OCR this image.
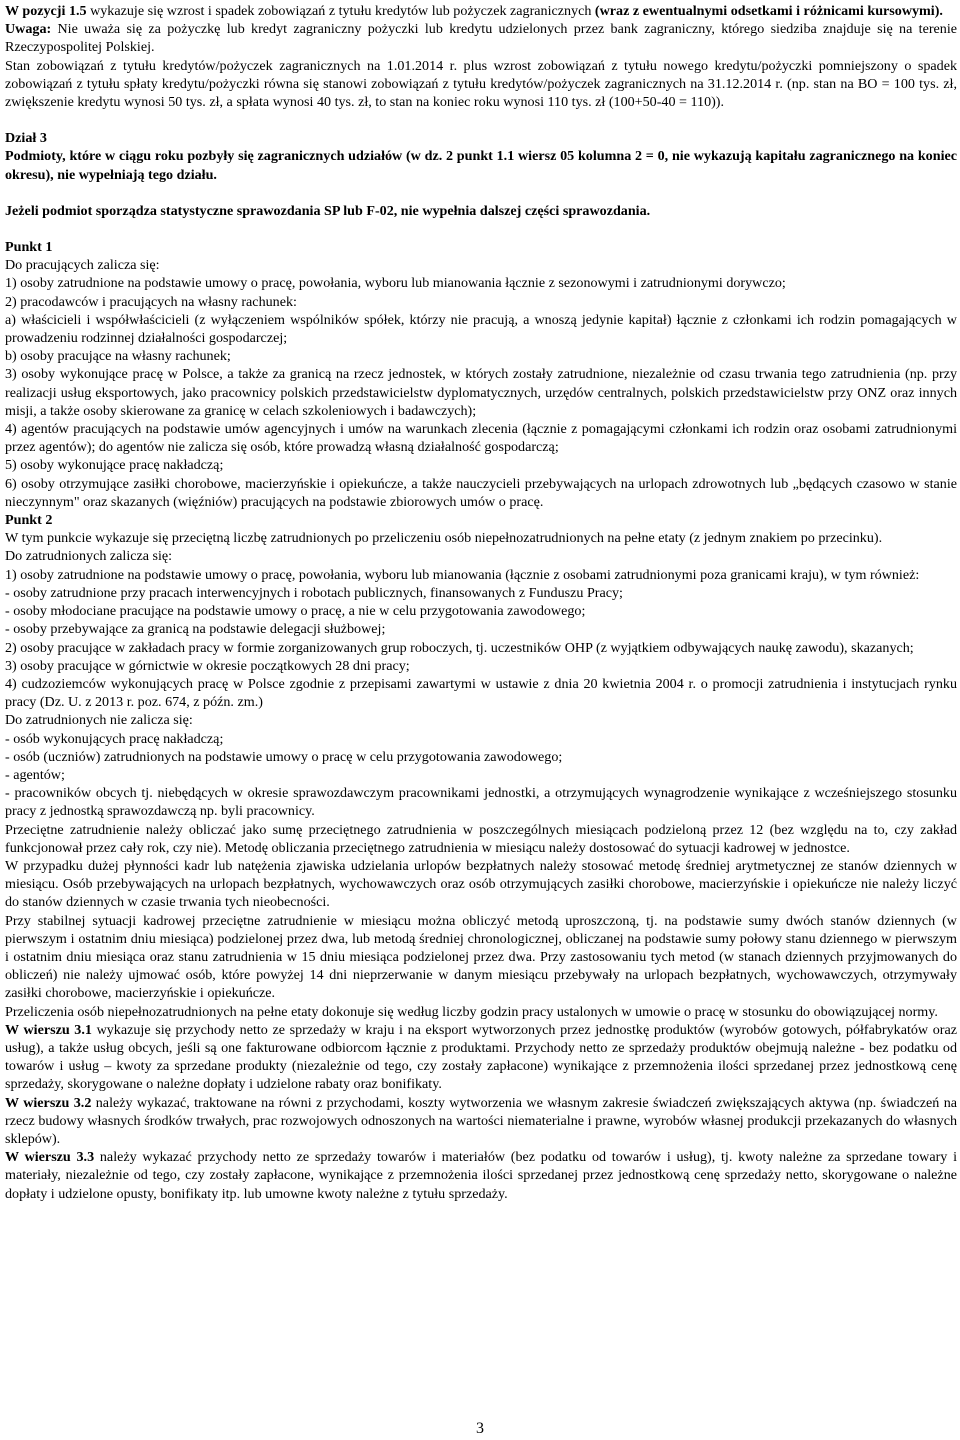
W pozycji 1.5 wykazuje się wzrost i spadek zobowiązań z tytułu kredytów lub pożyczek zagranicznych (wraz z ewentualnymi odsetkami i różnicami kursowymi).

Uwaga: Nie uważa się za pożyczkę lub kredyt zagraniczny pożyczki lub kredytu udzielonych przez bank zagraniczny, którego siedziba znajduje się na terenie Rzeczypospolitej Polskiej.

Stan zobowiązań z tytułu kredytów/pożyczek zagranicznych na 1.01.2014 r. plus wzrost zobowiązań z tytułu nowego kredytu/pożyczki pomniejszony o spadek zobowiązań z tytułu spłaty kredytu/pożyczki równa się stanowi zobowiązań z tytułu kredytów/pożyczek zagranicznych na 31.12.2014 r. (np. stan na BO = 100 tys. zł, zwiększenie kredytu wynosi 50 tys. zł, a spłata wynosi 40 tys. zł, to stan na koniec roku wynosi 110 tys. zł (100+50-40 = 110)).

Dział 3

Podmioty, które w ciągu roku pozbyły się zagranicznych udziałów (w dz. 2 punkt 1.1 wiersz 05 kolumna 2 = 0, nie wykazują kapitału zagranicznego na koniec okresu), nie wypełniają tego działu.

Jeżeli podmiot sporządza statystyczne sprawozdania SP lub F-02, nie wypełnia dalszej części sprawozdania.

Punkt 1

Do pracujących zalicza się:

1) osoby zatrudnione na podstawie umowy o pracę, powołania, wyboru lub mianowania łącznie z sezonowymi i zatrudnionymi dorywczo;

2) pracodawców i pracujących na własny rachunek:

a) właścicieli i współwłaścicieli (z wyłączeniem wspólników spółek, którzy nie pracują, a wnoszą jedynie kapitał) łącznie z członkami ich rodzin pomagających w prowadzeniu rodzinnej działalności gospodarczej;

b) osoby pracujące na własny rachunek;

3) osoby wykonujące pracę w Polsce, a także za granicą na rzecz jednostek, w których zostały zatrudnione, niezależnie od czasu trwania tego zatrudnienia (np. przy realizacji usług eksportowych, jako pracownicy polskich przedstawicielstw dyplomatycznych, urzędów centralnych, polskich przedstawicielstw przy ONZ oraz innych misji, a także osoby skierowane za granicę w celach szkoleniowych i badawczych);

4) agentów pracujących na podstawie umów agencyjnych i umów na warunkach zlecenia (łącznie z pomagającymi członkami ich rodzin oraz osobami zatrudnionymi przez agentów); do agentów nie zalicza się osób, które prowadzą własną działalność gospodarczą;

5) osoby wykonujące pracę nakładczą;

6) osoby otrzymujące zasiłki chorobowe, macierzyńskie i opiekuńcze, a także nauczycieli przebywających na urlopach zdrowotnych lub „będących czasowo w stanie nieczynnym" oraz skazanych (więźniów) pracujących na podstawie zbiorowych umów o pracę.

Punkt 2

W tym punkcie wykazuje się przeciętną liczbę zatrudnionych po przeliczeniu osób niepełnozatrudnionych na pełne etaty (z jednym znakiem po przecinku).

Do zatrudnionych zalicza się:

1) osoby zatrudnione na podstawie umowy o pracę, powołania, wyboru lub mianowania (łącznie z osobami zatrudnionymi poza granicami kraju), w tym również:

- osoby zatrudnione przy pracach interwencyjnych i robotach publicznych, finansowanych z Funduszu Pracy;

- osoby młodociane pracujące na podstawie umowy o pracę, a nie w celu przygotowania zawodowego;

- osoby przebywające za granicą na podstawie delegacji służbowej;

2) osoby pracujące w zakładach pracy w formie zorganizowanych grup roboczych, tj. uczestników OHP (z wyjątkiem odbywających naukę zawodu), skazanych;

3) osoby pracujące w górnictwie w okresie początkowych 28 dni pracy;

4) cudzoziemców wykonujących pracę w Polsce zgodnie z przepisami zawartymi w ustawie z dnia 20 kwietnia 2004 r. o promocji zatrudnienia i instytucjach rynku pracy (Dz. U. z 2013 r. poz. 674, z późn. zm.)

Do zatrudnionych nie zalicza się:

- osób wykonujących pracę nakładczą;

- osób (uczniów) zatrudnionych na podstawie umowy o pracę w celu przygotowania zawodowego;

- agentów;

- pracowników obcych tj. niebędących w okresie sprawozdawczym pracownikami jednostki, a otrzymujących wynagrodzenie wynikające z wcześniejszego stosunku pracy z jednostką sprawozdawczą np. byli pracownicy.

Przeciętne zatrudnienie należy obliczać jako sumę przeciętnego zatrudnienia w poszczególnych miesiącach podzieloną przez 12 (bez względu na to, czy zakład funkcjonował przez cały rok, czy nie). Metodę obliczania przeciętnego zatrudnienia w miesiącu należy dostosować do sytuacji kadrowej w jednostce.

W przypadku dużej płynności kadr lub natężenia zjawiska udzielania urlopów bezpłatnych należy stosować metodę średniej arytmetycznej ze stanów dziennych w miesiącu. Osób przebywających na urlopach bezpłatnych, wychowawczych oraz osób otrzymujących zasiłki chorobowe, macierzyńskie i opiekuńcze nie należy liczyć do stanów dziennych w czasie trwania tych nieobecności.

Przy stabilnej sytuacji kadrowej przeciętne zatrudnienie w miesiącu można obliczyć metodą uproszczoną, tj. na podstawie sumy dwóch stanów dziennych (w pierwszym i ostatnim dniu miesiąca) podzielonej przez dwa, lub metodą średniej chronologicznej, obliczanej na podstawie sumy połowy stanu dziennego w pierwszym i ostatnim dniu miesiąca oraz stanu zatrudnienia w 15 dniu miesiąca podzielonej przez dwa. Przy zastosowaniu tych metod (w stanach dziennych przyjmowanych do obliczeń) nie należy ujmować osób, które powyżej 14 dni nieprzerwanie w danym miesiącu przebywały na urlopach bezpłatnych, wychowawczych, otrzymywały zasiłki chorobowe, macierzyńskie i opiekuńcze.

Przeliczenia osób niepełnozatrudnionych na pełne etaty dokonuje się według liczby godzin pracy ustalonych w umowie o pracę w stosunku do obowiązującej normy.

W wierszu 3.1 wykazuje się przychody netto ze sprzedaży w kraju i na eksport wytworzonych przez jednostkę produktów (wyrobów gotowych, półfabrykatów oraz usług), a także usług obcych, jeśli są one fakturowane odbiorcom łącznie z produktami. Przychody netto ze sprzedaży produktów obejmują należne - bez podatku od towarów i usług – kwoty za sprzedane produkty (niezależnie od tego, czy zostały zapłacone) wynikające z przemnożenia ilości sprzedanej przez jednostkową cenę sprzedaży, skorygowane o należne dopłaty i udzielone rabaty oraz bonifikaty.

W wierszu 3.2 należy wykazać, traktowane na równi z przychodami, koszty wytworzenia we własnym zakresie świadczeń zwiększających aktywa (np. świadczeń na rzecz budowy własnych środków trwałych, prac rozwojowych odnoszonych na wartości niematerialne i prawne, wyrobów własnej produkcji przekazanych do własnych sklepów).

W wierszu 3.3 należy wykazać przychody netto ze sprzedaży towarów i materiałów (bez podatku od towarów i usług), tj. kwoty należne za sprzedane towary i materiały, niezależnie od tego, czy zostały zapłacone, wynikające z przemnożenia ilości sprzedanej przez jednostkową cenę sprzedaży netto, skorygowane o należne dopłaty i udzielone opusty, bonifikaty itp. lub umowne kwoty należne z tytułu sprzedaży.

3
